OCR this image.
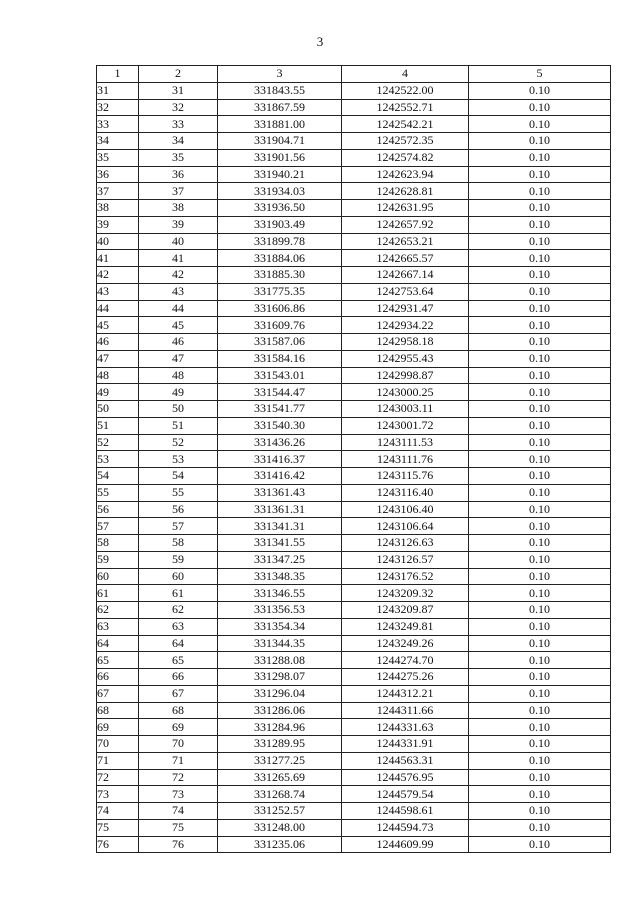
3
1	2	3	4	5
31	31	331843.55	1242522.00	0.10
32	32	331867.59	1242552.71	0.10
33	33	331881.00	1242542.21	0.10
34	34	331904.71	1242572.35	0.10
35	35	331901.56	1242574.82	0.10
36	36	331940.21	1242623.94	0.10
37	37	331934.03	1242628.81	0.10
38	38	331936.50	1242631.95	0.10
39	39	331903.49	1242657.92	0.10
40	40	331899.78	1242653.21	0.10
41	41	331884.06	1242665.57	0.10
42	42	331885.30	1242667.14	0.10
43	43	331775.35	1242753.64	0.10
44	44	331606.86	1242931.47	0.10
45	45	331609.76	1242934.22	0.10
46	46	331587.06	1242958.18	0.10
47	47	331584.16	1242955.43	0.10
48	48	331543.01	1242998.87	0.10
49	49	331544.47	1243000.25	0.10
50	50	331541.77	1243003.11	0.10
51	51	331540.30	1243001.72	0.10
52	52	331436.26	1243111.53	0.10
53	53	331416.37	1243111.76	0.10
54	54	331416.42	1243115.76	0.10
55	55	331361.43	1243116.40	0.10
56	56	331361.31	1243106.40	0.10
57	57	331341.31	1243106.64	0.10
58	58	331341.55	1243126.63	0.10
59	59	331347.25	1243126.57	0.10
60	60	331348.35	1243176.52	0.10
61	61	331346.55	1243209.32	0.10
62	62	331356.53	1243209.87	0.10
63	63	331354.34	1243249.81	0.10
64	64	331344.35	1243249.26	0.10
65	65	331288.08	1244274.70	0.10
66	66	331298.07	1244275.26	0.10
67	67	331296.04	1244312.21	0.10
68	68	331286.06	1244311.66	0.10
69	69	331284.96	1244331.63	0.10
70	70	331289.95	1244331.91	0.10
71	71	331277.25	1244563.31	0.10
72	72	331265.69	1244576.95	0.10
73	73	331268.74	1244579.54	0.10
74	74	331252.57	1244598.61	0.10
75	75	331248.00	1244594.73	0.10
76	76	331235.06	1244609.99	0.10
